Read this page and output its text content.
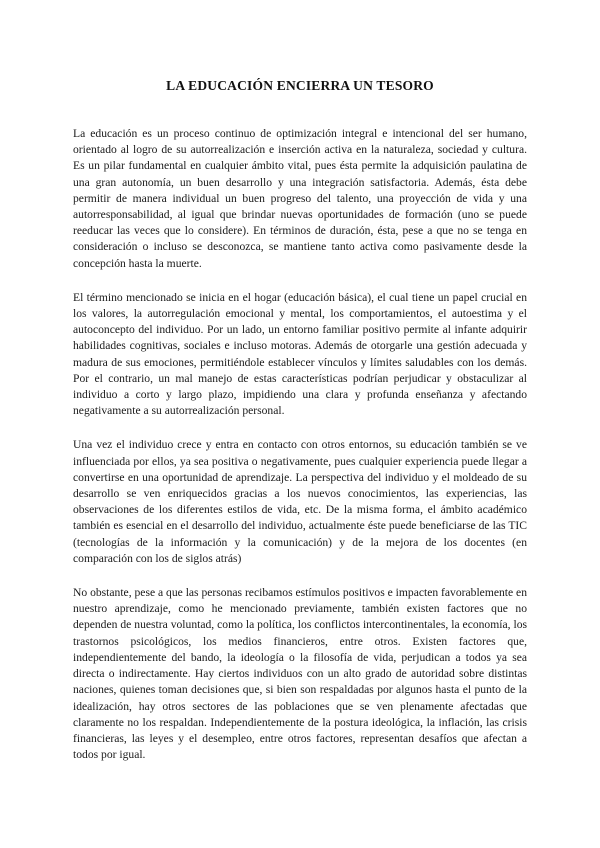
LA EDUCACIÓN ENCIERRA UN TESORO

La educación es un proceso continuo de optimización integral e intencional del ser humano, orientado al logro de su autorrealización e inserción activa en la naturaleza, sociedad y cultura. Es un pilar fundamental en cualquier ámbito vital, pues ésta permite la adquisición paulatina de una gran autonomía, un buen desarrollo y una integración satisfactoria. Además, ésta debe permitir de manera individual un buen progreso del talento, una proyección de vida y una autorresponsabilidad, al igual que brindar nuevas oportunidades de formación (uno se puede reeducar las veces que lo considere). En términos de duración, ésta, pese a que no se tenga en consideración o incluso se desconozca, se mantiene tanto activa como pasivamente desde la concepción hasta la muerte.

El término mencionado se inicia en el hogar (educación básica), el cual tiene un papel crucial en los valores, la autorregulación emocional y mental, los comportamientos, el autoestima y el autoconcepto del individuo. Por un lado, un entorno familiar positivo permite al infante adquirir habilidades cognitivas, sociales e incluso motoras. Además de otorgarle una gestión adecuada y madura de sus emociones, permitiéndole establecer vínculos y límites saludables con los demás. Por el contrario, un mal manejo de estas características podrían perjudicar y obstaculizar al individuo a corto y largo plazo, impidiendo una clara y profunda enseñanza y afectando negativamente a su autorrealización personal.

Una vez el individuo crece y entra en contacto con otros entornos, su educación también se ve influenciada por ellos, ya sea positiva o negativamente, pues cualquier experiencia puede llegar a convertirse en una oportunidad de aprendizaje. La perspectiva del individuo y el moldeado de su desarrollo se ven enriquecidos gracias a los nuevos conocimientos, las experiencias, las observaciones de los diferentes estilos de vida, etc. De la misma forma, el ámbito académico también es esencial en el desarrollo del individuo, actualmente éste puede beneficiarse de las TIC (tecnologías de la información y la comunicación) y de la mejora de los docentes (en comparación con los de siglos atrás)

No obstante, pese a que las personas recibamos estímulos positivos e impacten favorablemente en nuestro aprendizaje, como he mencionado previamente, también existen factores que no dependen de nuestra voluntad, como la política, los conflictos intercontinentales, la economía, los trastornos psicológicos, los medios financieros, entre otros. Existen factores que, independientemente del bando, la ideología o la filosofía de vida, perjudican a todos ya sea directa o indirectamente. Hay ciertos individuos con un alto grado de autoridad sobre distintas naciones, quienes toman decisiones que, si bien son respaldadas por algunos hasta el punto de la idealización, hay otros sectores de las poblaciones que se ven plenamente afectadas que claramente no los respaldan. Independientemente de la postura ideológica, la inflación, las crisis financieras, las leyes y el desempleo, entre otros factores, representan desafíos que afectan a todos por igual.
